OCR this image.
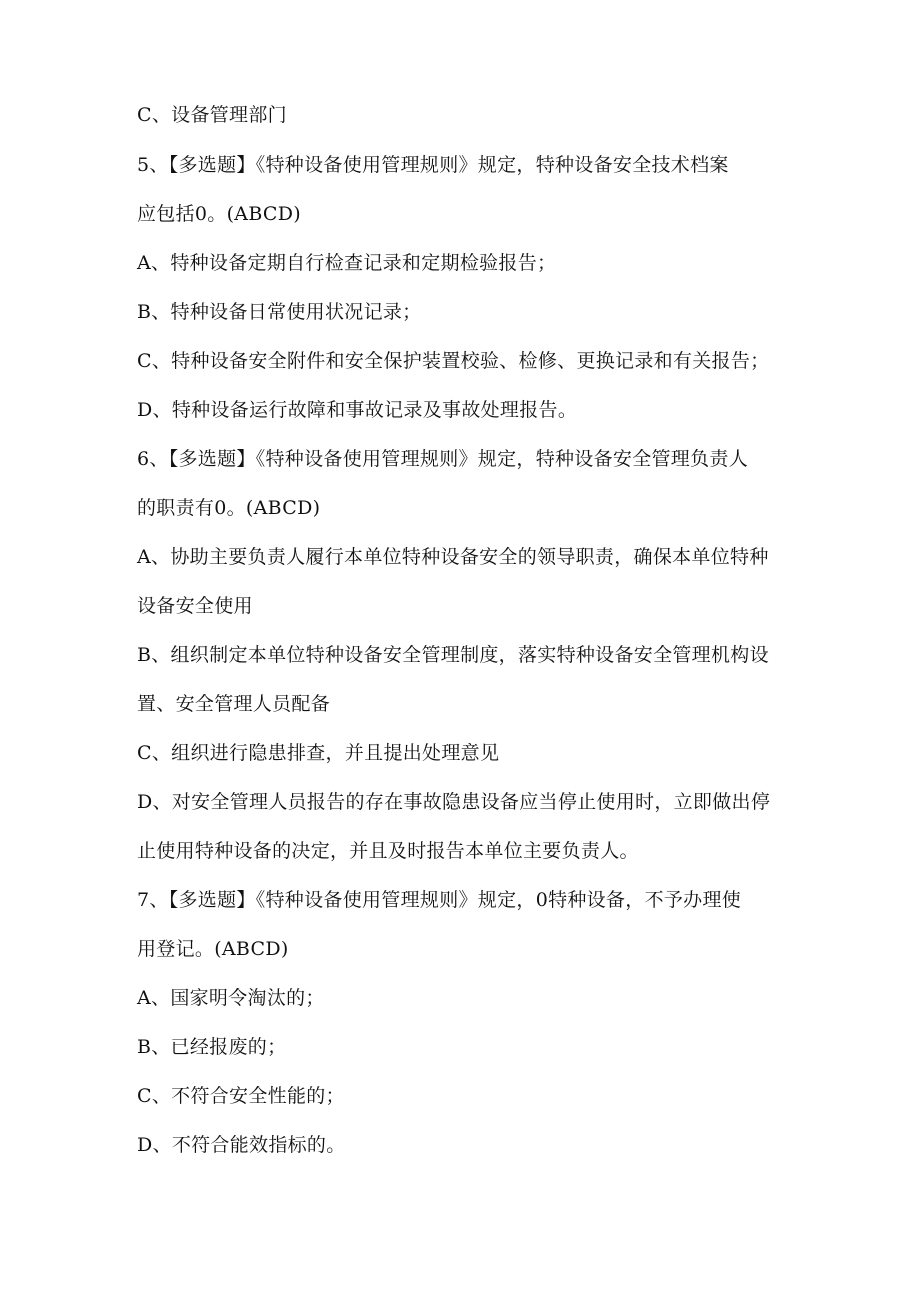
C、设备管理部门
5、【多选题】《特种设备使用管理规则》规定，特种设备安全技术档案
应包括0。(ABCD)
A、特种设备定期自行检查记录和定期检验报告；
B、特种设备日常使用状况记录；
C、特种设备安全附件和安全保护装置校验、检修、更换记录和有关报告；
D、特种设备运行故障和事故记录及事故处理报告。
6、【多选题】《特种设备使用管理规则》规定，特种设备安全管理负责人
的职责有0。(ABCD)
A、协助主要负责人履行本单位特种设备安全的领导职责，确保本单位特种
设备安全使用
B、组织制定本单位特种设备安全管理制度，落实特种设备安全管理机构设
置、安全管理人员配备
C、组织进行隐患排查，并且提出处理意见
D、对安全管理人员报告的存在事故隐患设备应当停止使用时，立即做出停
止使用特种设备的决定，并且及时报告本单位主要负责人。
7、【多选题】《特种设备使用管理规则》规定，0特种设备，不予办理使
用登记。(ABCD)
A、国家明令淘汰的；
B、已经报废的；
C、不符合安全性能的；
D、不符合能效指标的。
